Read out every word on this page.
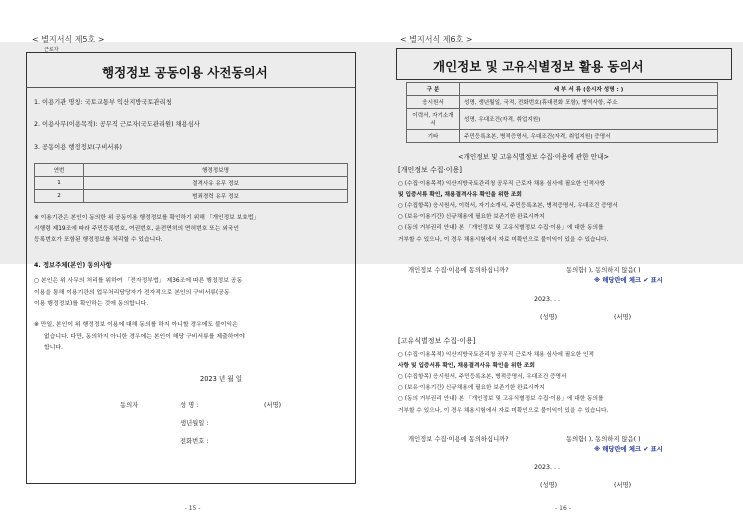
< 별지서식 제5호 >
근로자
행정정보 공동이용 사전동의서
1. 이용기관 명칭: 국토교통부 익산지방국토관리청
2. 이용사무(이용목적): 공무직 근로자(국도관리원) 채용심사
3. 공동이용 행정정보(구비서류)
연번	행정정보명
1	결격사유 유무 정보
2	범죄경력 유무 정보
※ 이용기관은 본인이 동의한 위 공동이용 행정정보를 확인하기 위해 「개인정보 보호법」
시행령 제19조에 따라 주민등록번호, 여권번호, 운전면허의 면허번호 또는 외국인
등록번호가 포함된 행정정보를 처리할 수 있습니다.
4. 정보주체(본인) 동의사항
○ 본인은 위 사무의 처리를 위하여 「전자정부법」 제36조에 따른 행정정보 공동
이용을 통해 이용기관의 업무처리담당자가 전자적으로 본인의 구비서류(공동
이용 행정정보)를 확인하는 것에 동의합니다.
※ 만일, 본인이 위 행정정보 이용에 대해 동의를 하지 아니할 경우에도 불이익은
없습니다. 다만, 동의하지 아니한 경우에는 본인이 해당 구비서류를 제출하여야
합니다.
2023 년 월 일
동의자	성 명 :	(서명)
생년월일 :
전화번호 :
- 15 -
< 별지서식 제6호 >
개인정보 및 고유식별정보 활용 동의서
구 분	세 부 서 류 (응시자 성명 : )
응시원서	성명, 생년월일, 국적, 전화번호(휴대전화 포함), 병역사항, 주소
이력서, 자기소개서	성명, 우대조건(자격, 취업지원)
기타	주민등록초본, 병적증명서, 우대조건(자격, 취업지원) 증명서
<개인정보 및 고유식별정보 수집·이용에 관한 안내>
[개인정보 수집·이용]
○ (수집·이용목적) 익산지방국토관리청 공무직 근로자 채용 심사에 필요한 인적사항
및 입증서류 확인, 채용결격사유 확인을 위한 조회
○ (수집항목) 응시원서, 이력서, 자기소개서, 주민등록초본, 병적증명서, 우대조건 증명서
○ (보유·이용기간) 신규채용에 필요한 보존기한 완료시까지
○ (동의 거부권리 안내) 본 「개인정보 및 고유식별정보 수집·이용」에 대한 동의를
거부할 수 있으나, 이 경우 채용시험에서 자료 미확인으로 불이익이 있을 수 있습니다.
개인정보 수집·이용에 동의하십니까?	동의함( ), 동의하지 않음( )
※ 해당란에 체크 ✔ 표시
2023. . .
(성명)	(서명)
[고유식별정보 수집·이용]
○ (수집·이용목적) 익산지방국토관리청 공무직 근로자 채용 심사에 필요한 인적
사항 및 입증서류 확인, 채용결격사유 확인을 위한 조회
○ (수집항목) 응시원서, 주민등록초본, 병적증명서, 우대조건 증명서
○ (보유·이용기간) 신규채용에 필요한 보존기한 완료시까지
○ (동의 거부권리 안내) 본 「개인정보 및 고유식별정보 수집·이용」에 대한 동의를
거부할 수 있으나, 이 경우 채용시험에서 자료 미확인으로 불이익이 있을 수 있습니다.
개인정보 수집·이용에 동의하십니까?	동의함( ), 동의하지 않음( )
※ 해당란에 체크 ✔ 표시
2023. . .
(성명)	(서명)
- 16 -
